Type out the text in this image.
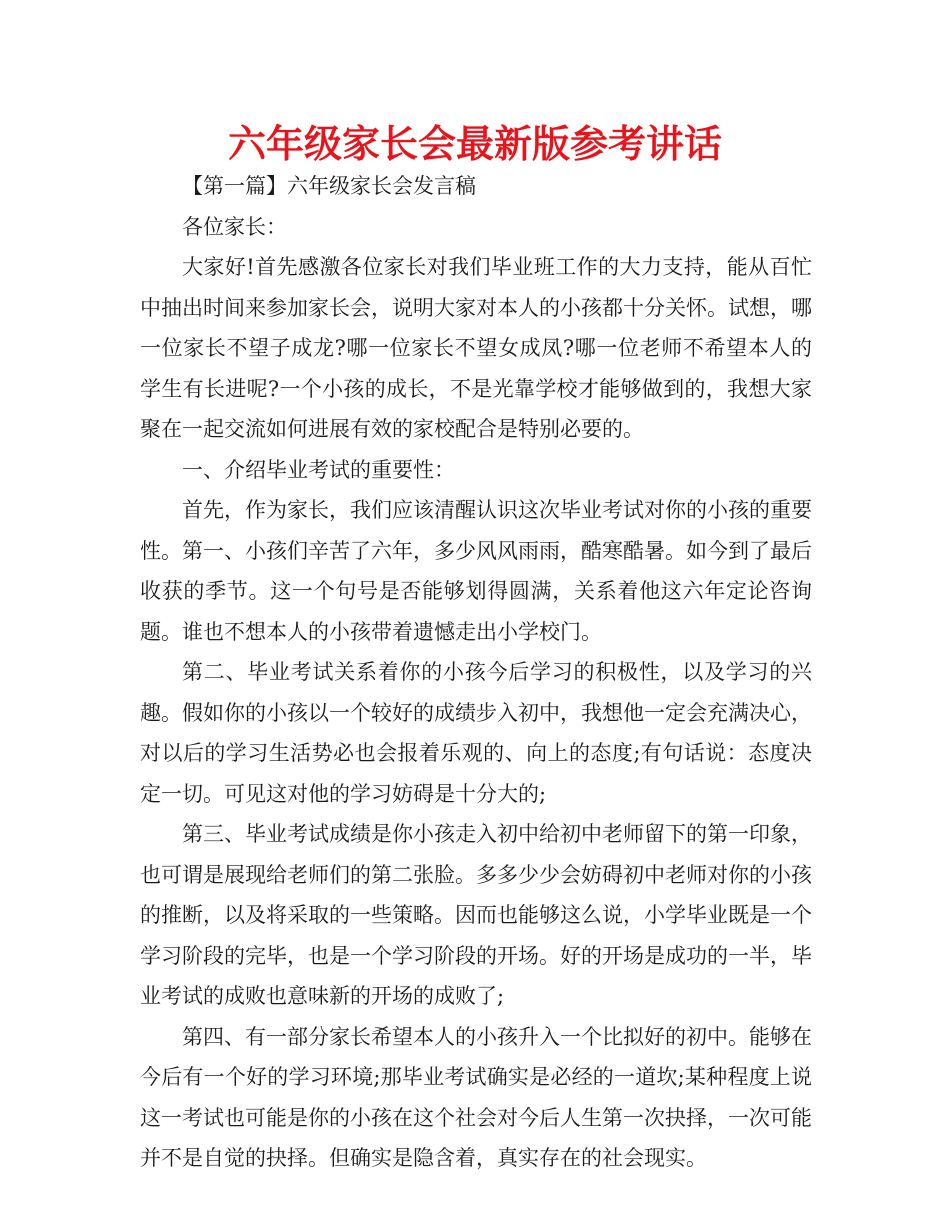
六年级家长会最新版参考讲话

【第一篇】六年级家长会发言稿

各位家长：

大家好!首先感激各位家长对我们毕业班工作的大力支持，能从百忙中抽出时间来参加家长会，说明大家对本人的小孩都十分关怀。试想，哪一位家长不望子成龙?哪一位家长不望女成凤?哪一位老师不希望本人的学生有长进呢?一个小孩的成长，不是光靠学校才能够做到的，我想大家聚在一起交流如何进展有效的家校配合是特别必要的。

一、介绍毕业考试的重要性：

首先，作为家长，我们应该清醒认识这次毕业考试对你的小孩的重要性。第一、小孩们辛苦了六年，多少风风雨雨，酷寒酷暑。如今到了最后收获的季节。这一个句号是否能够划得圆满，关系着他这六年定论咨询题。谁也不想本人的小孩带着遗憾走出小学校门。

第二、毕业考试关系着你的小孩今后学习的积极性，以及学习的兴趣。假如你的小孩以一个较好的成绩步入初中，我想他一定会充满决心，对以后的学习生活势必也会报着乐观的、向上的态度;有句话说：态度决定一切。可见这对他的学习妨碍是十分大的;

第三、毕业考试成绩是你小孩走入初中给初中老师留下的第一印象，也可谓是展现给老师们的第二张脸。多多少少会妨碍初中老师对你的小孩的推断，以及将采取的一些策略。因而也能够这么说，小学毕业既是一个学习阶段的完毕，也是一个学习阶段的开场。好的开场是成功的一半，毕业考试的成败也意味新的开场的成败了;

第四、有一部分家长希望本人的小孩升入一个比拟好的初中。能够在今后有一个好的学习环境;那毕业考试确实是必经的一道坎;某种程度上说这一考试也可能是你的小孩在这个社会对今后人生第一次抉择，一次可能并不是自觉的抉择。但确实是隐含着，真实存在的社会现实。
